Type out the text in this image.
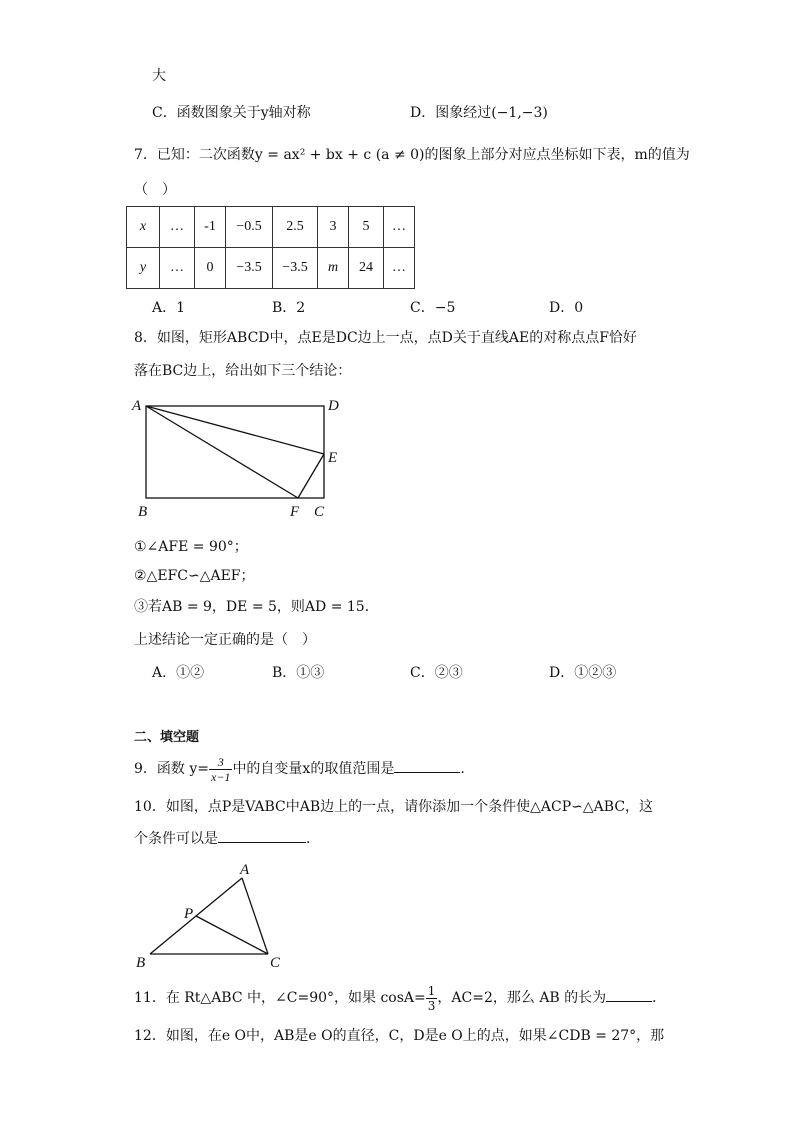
大
C．函数图象关于y轴对称	D．图象经过(−1,−3)
7．已知：二次函数y = ax² + bx + c (a ≠ 0)的图象上部分对应点坐标如下表，m的值为
（　）
x	…	-1	−0.5	2.5	3	5	…
y	…	0	−3.5	−3.5	m	24	…
A．1	B．2	C．−5	D．0
8．如图，矩形ABCD中，点E是DC边上一点，点D关于直线AE的对称点点F恰好
落在BC边上，给出如下三个结论：
A	D
E
B	F C
①∠AFE = 90°；
②△EFC∽△AEF；
③若AB = 9，DE = 5，则AD = 15．
上述结论一定正确的是（　）
A．①②	B．①③	C．②③	D．①②③
二、填空题
9．函数 $y= \frac{3}{x-1}$ 中的自变量x的取值范围是	.
10．如图，点P是VABC中AB边上的一点，请你添加一个条件使△ACP∽△ABC，这
个条件可以是	．
A
P
B	C
11．在 Rt△ABC 中，∠C=90°，如果 $\cos A= \frac{1}{3}$ ，AC=2，那么 AB 的长为	．
12．如图，在e O中，AB是e O的直径，C，D是e O上的点，如果∠CDB = 27°，那
